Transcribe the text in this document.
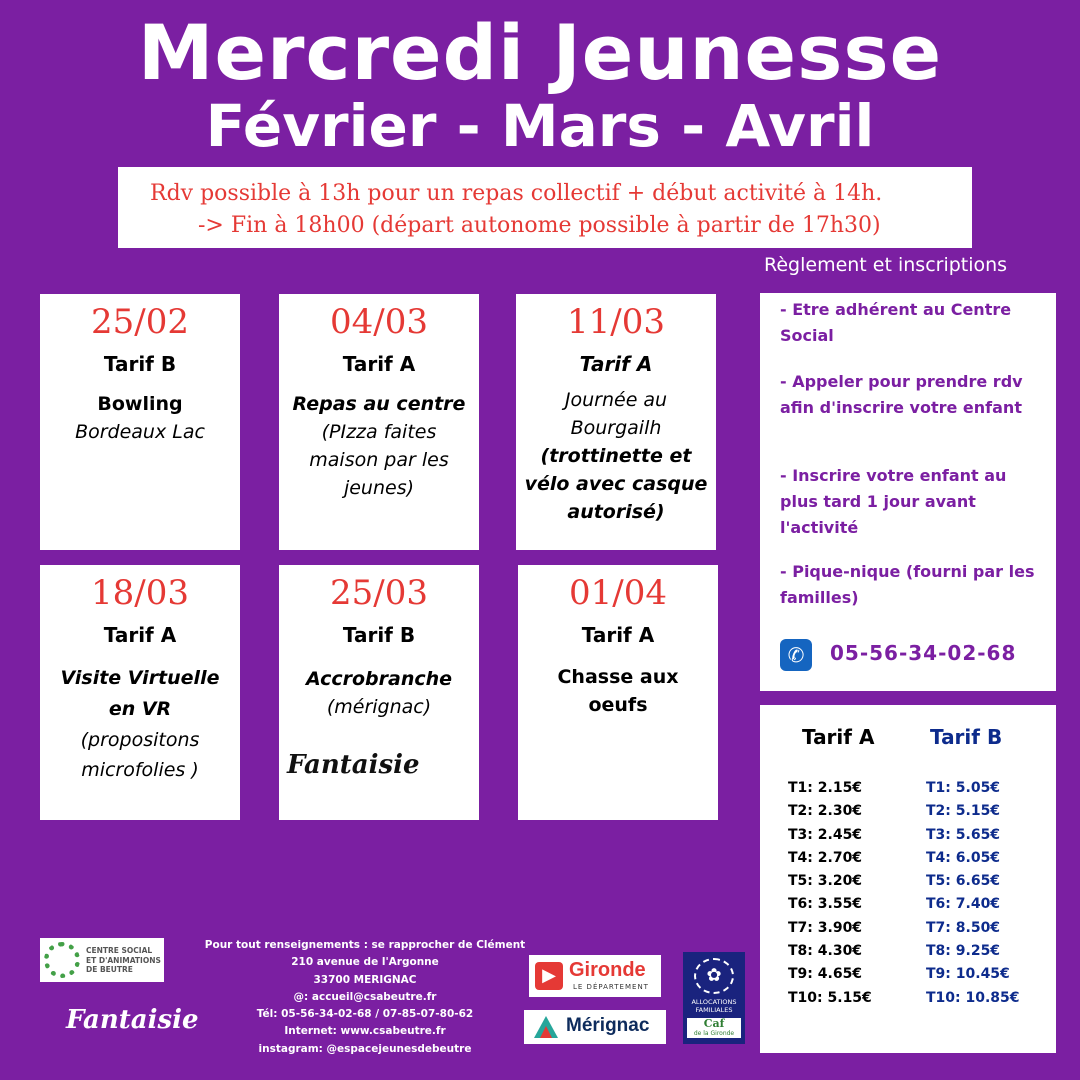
Mercredi Jeunesse
Février - Mars - Avril
Rdv possible à 13h pour un repas collectif + début activité à 14h.
-> Fin à 18h00 (départ autonome possible à partir de 17h30)
Règlement et inscriptions
25/02
Tarif B
Bowling
Bordeaux Lac
04/03
Tarif A
Repas au centre
(PIzza faites maison par les jeunes)
11/03
Tarif A
Journée au Bourgailh
(trottinette et vélo avec casque autorisé)
18/03
Tarif A
Visite Virtuelle en VR
(propositons microfolies )
25/03
Tarif B
Accrobranche
(mérignac)
Fantaisie
01/04
Tarif A
Chasse aux oeufs
- Etre adhérent au Centre Social
- Appeler pour prendre rdv afin d'inscrire votre enfant
- Inscrire votre enfant au plus tard 1 jour avant l'activité
- Pique-nique (fourni par les familles)
✆	05-56-34-02-68
Tarif A
T1: 2.15€
T2: 2.30€
T3: 2.45€
T4: 2.70€
T5: 3.20€
T6: 3.55€
T7: 3.90€
T8: 4.30€
T9: 4.65€
T10: 5.15€
Tarif B
T1: 5.05€
T2: 5.15€
T3: 5.65€
T4: 6.05€
T5: 6.65€
T6: 7.40€
T7: 8.50€
T8: 9.25€
T9: 10.45€
T10: 10.85€
CENTRE SOCIAL
ET D'ANIMATIONS
DE BEUTRE
Fantaisie
Pour tout renseignements : se rapprocher de Clément
210 avenue de l'Argonne
33700 MERIGNAC
@: accueil@csabeutre.fr
Tél: 05-56-34-02-68 / 07-85-07-80-62
Internet: www.csabeutre.fr
instagram: @espacejeunesdebeutre
▶ Gironde
LE DÉPARTEMENT
Mérignac
✿
ALLOCATIONS
FAMILIALES
Caf
de la Gironde
